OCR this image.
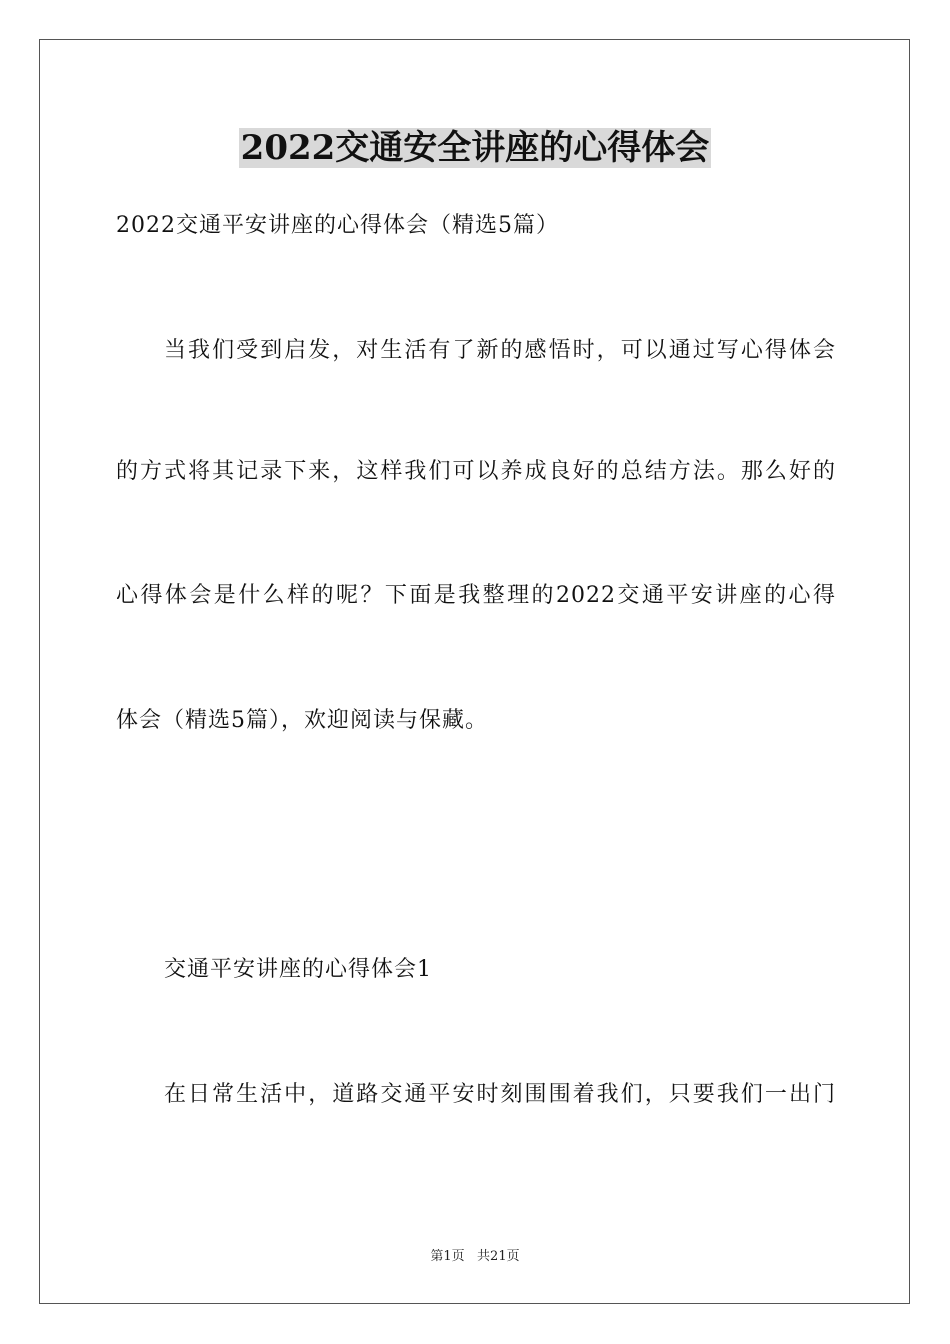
2022交通安全讲座的心得体会
2022交通平安讲座的心得体会（精选5篇）
当我们受到启发，对生活有了新的感悟时，可以通过写心得体会
的方式将其记录下来，这样我们可以养成良好的总结方法。那么好的
心得体会是什么样的呢？下面是我整理的2022交通平安讲座的心得
体会（精选5篇），欢迎阅读与保藏。
交通平安讲座的心得体会1
在日常生活中，道路交通平安时刻围围着我们，只要我们一出门
第1页   共21页
